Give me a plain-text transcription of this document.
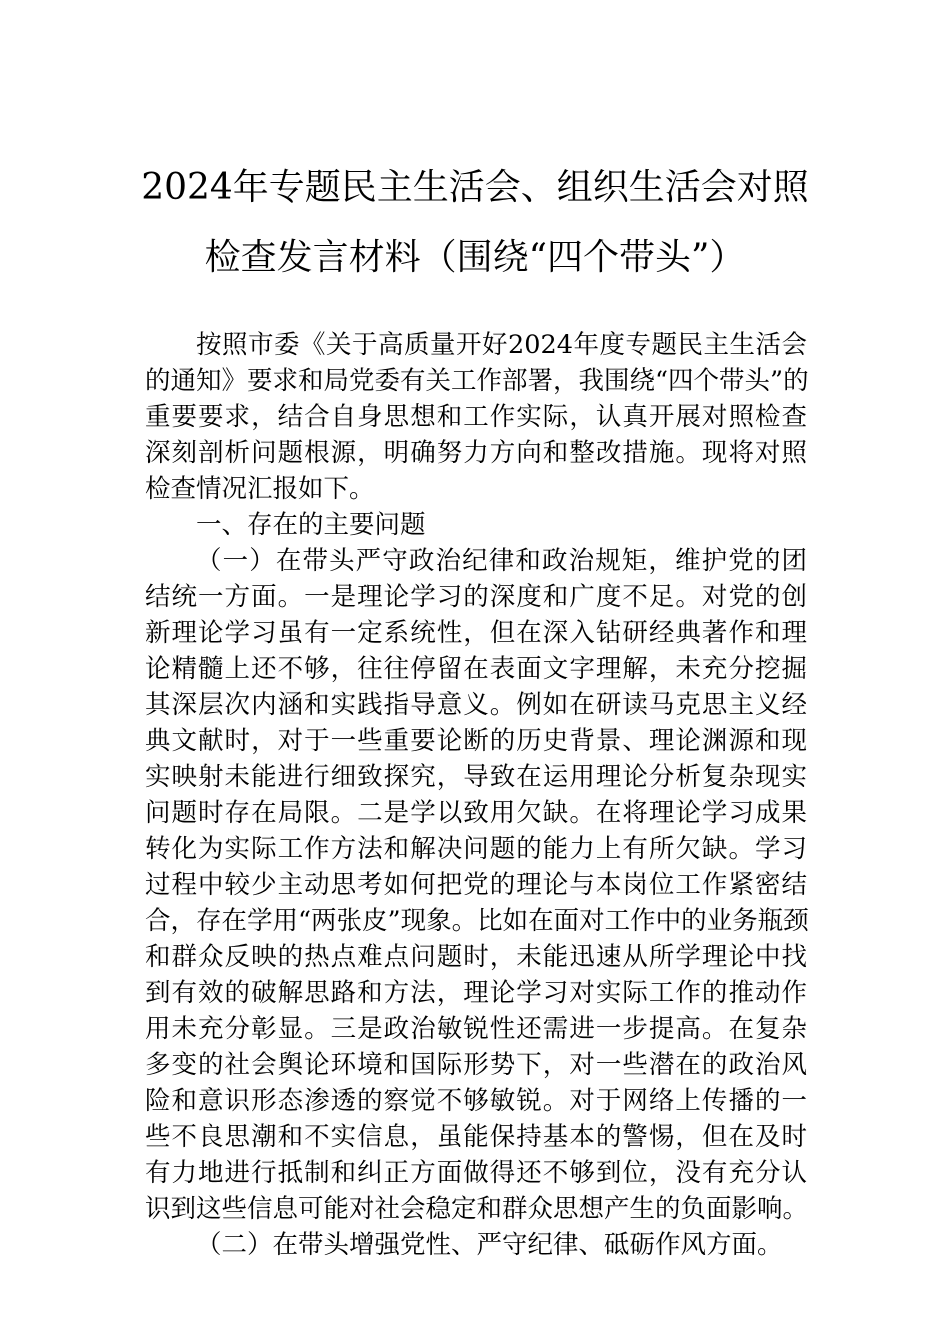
2024年专题民主生活会、组织生活会对照
检查发言材料（围绕“四个带头”）
按照市委《关于高质量开好2024年度专题民主生活会
的通知》要求和局党委有关工作部署，我围绕“四个带头”的
重要要求，结合自身思想和工作实际，认真开展对照检查
深刻剖析问题根源，明确努力方向和整改措施。现将对照
检查情况汇报如下。
一、存在的主要问题
（一）在带头严守政治纪律和政治规矩，维护党的团
结统一方面。一是理论学习的深度和广度不足。对党的创
新理论学习虽有一定系统性，但在深入钻研经典著作和理
论精髓上还不够，往往停留在表面文字理解，未充分挖掘
其深层次内涵和实践指导意义。例如在研读马克思主义经
典文献时，对于一些重要论断的历史背景、理论渊源和现
实映射未能进行细致探究，导致在运用理论分析复杂现实
问题时存在局限。二是学以致用欠缺。在将理论学习成果
转化为实际工作方法和解决问题的能力上有所欠缺。学习
过程中较少主动思考如何把党的理论与本岗位工作紧密结
合，存在学用“两张皮”现象。比如在面对工作中的业务瓶颈
和群众反映的热点难点问题时，未能迅速从所学理论中找
到有效的破解思路和方法，理论学习对实际工作的推动作
用未充分彰显。三是政治敏锐性还需进一步提高。在复杂
多变的社会舆论环境和国际形势下，对一些潜在的政治风
险和意识形态渗透的察觉不够敏锐。对于网络上传播的一
些不良思潮和不实信息，虽能保持基本的警惕，但在及时
有力地进行抵制和纠正方面做得还不够到位，没有充分认
识到这些信息可能对社会稳定和群众思想产生的负面影响。
（二）在带头增强党性、严守纪律、砥砺作风方面。
